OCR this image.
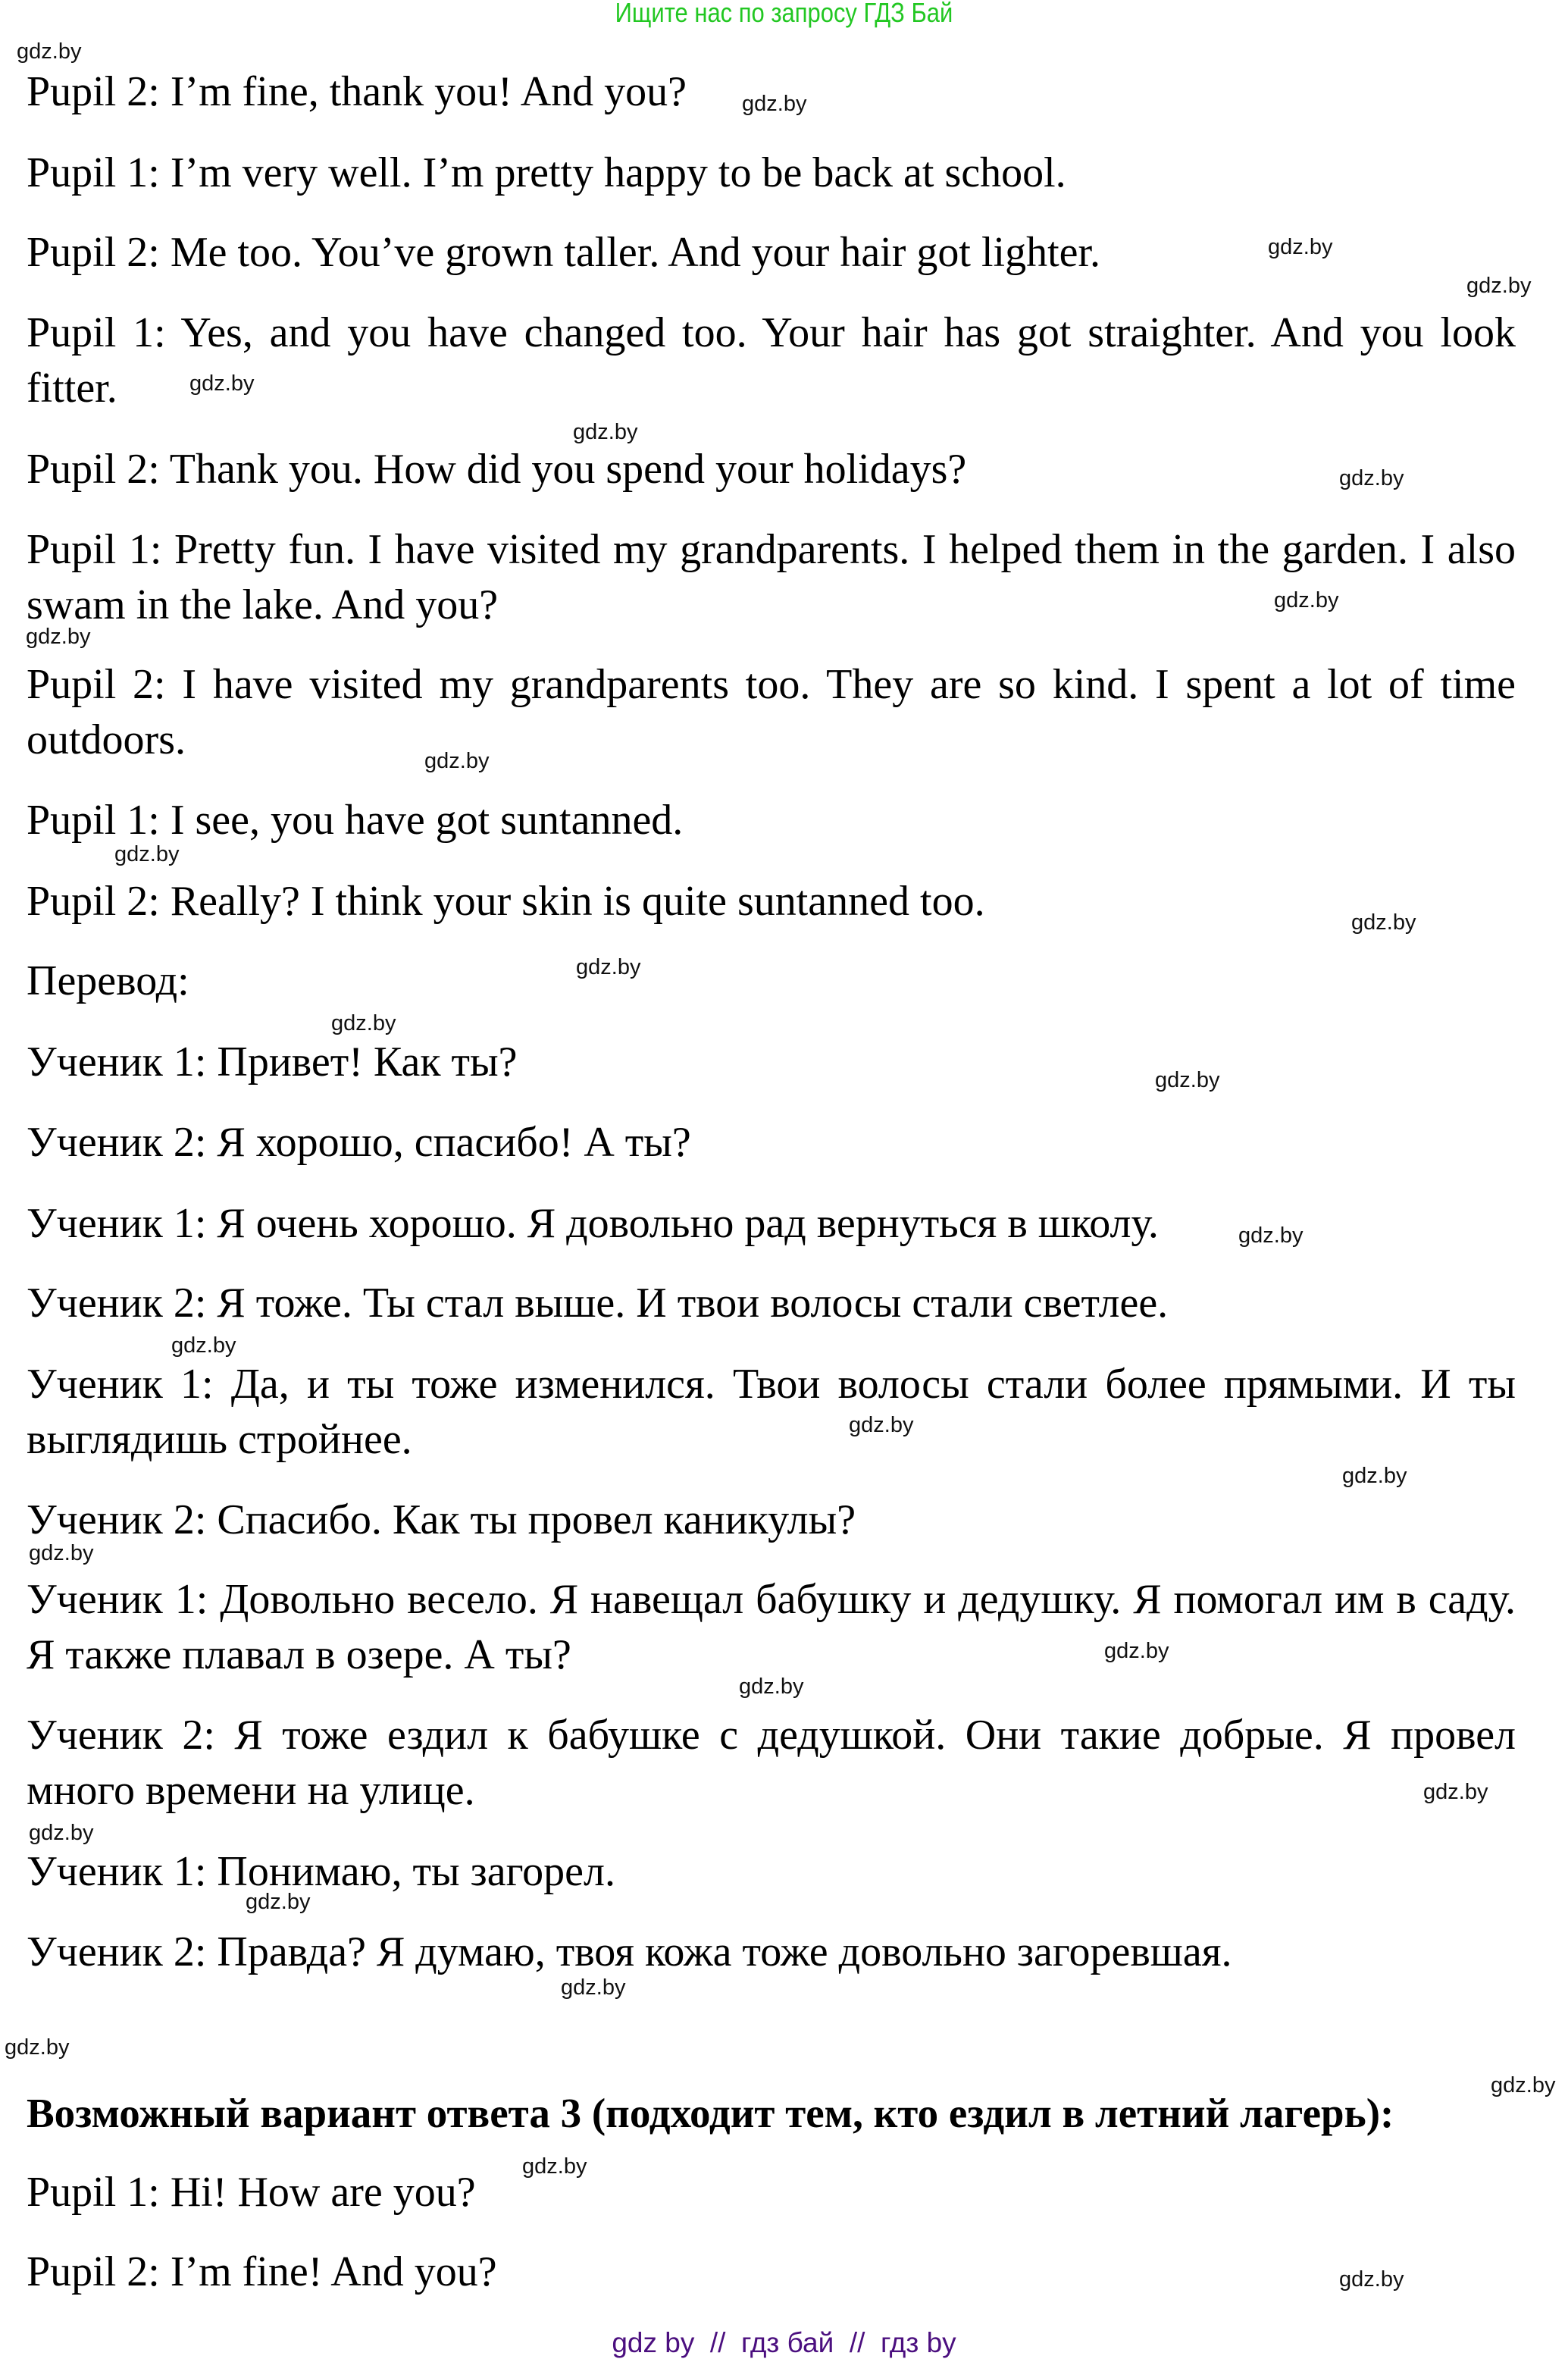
Ищите нас по запросу ГДЗ Бай
Pupil 2: I’m fine, thank you! And you?
Pupil 1: I’m very well. I’m pretty happy to be back at school.
Pupil 2: Me too. You’ve grown taller. And your hair got lighter.
Pupil 1: Yes, and you have changed too. Your hair has got straighter. And you look fitter.
Pupil 2: Thank you. How did you spend your holidays?
Pupil 1: Pretty fun. I have visited my grandparents. I helped them in the garden. I also swam in the lake. And you?
Pupil 2: I have visited my grandparents too. They are so kind. I spent a lot of time outdoors.
Pupil 1: I see, you have got suntanned.
Pupil 2: Really? I think your skin is quite suntanned too.
Перевод:
Ученик 1: Привет! Как ты?
Ученик 2: Я хорошо, спасибо! А ты?
Ученик 1: Я очень хорошо. Я довольно рад вернуться в школу.
Ученик 2: Я тоже. Ты стал выше. И твои волосы стали светлее.
Ученик 1: Да, и ты тоже изменился. Твои волосы стали более прямыми. И ты выглядишь стройнее.
Ученик 2: Спасибо. Как ты провел каникулы?
Ученик 1: Довольно весело. Я навещал бабушку и дедушку. Я помогал им в саду. Я также плавал в озере. А ты?
Ученик 2: Я тоже ездил к бабушке с дедушкой. Они такие добрые. Я провел много времени на улице.
Ученик 1: Понимаю, ты загорел.
Ученик 2: Правда? Я думаю, твоя кожа тоже довольно загоревшая.
Возможный вариант ответа 3 (подходит тем, кто ездил в летний лагерь):
Pupil 1: Hi! How are you?
Pupil 2: I’m fine! And you?
gdz.by
gdz.by
gdz.by
gdz.by
gdz.by
gdz.by
gdz.by
gdz.by
gdz.by
gdz.by
gdz.by
gdz.by
gdz.by
gdz.by
gdz.by
gdz.by
gdz.by
gdz.by
gdz.by
gdz.by
gdz.by
gdz.by
gdz.by
gdz.by
gdz.by
gdz.by
gdz.by
gdz.by
gdz.by
gdz.by
gdz by  //  гдз бай  //  гдз by
